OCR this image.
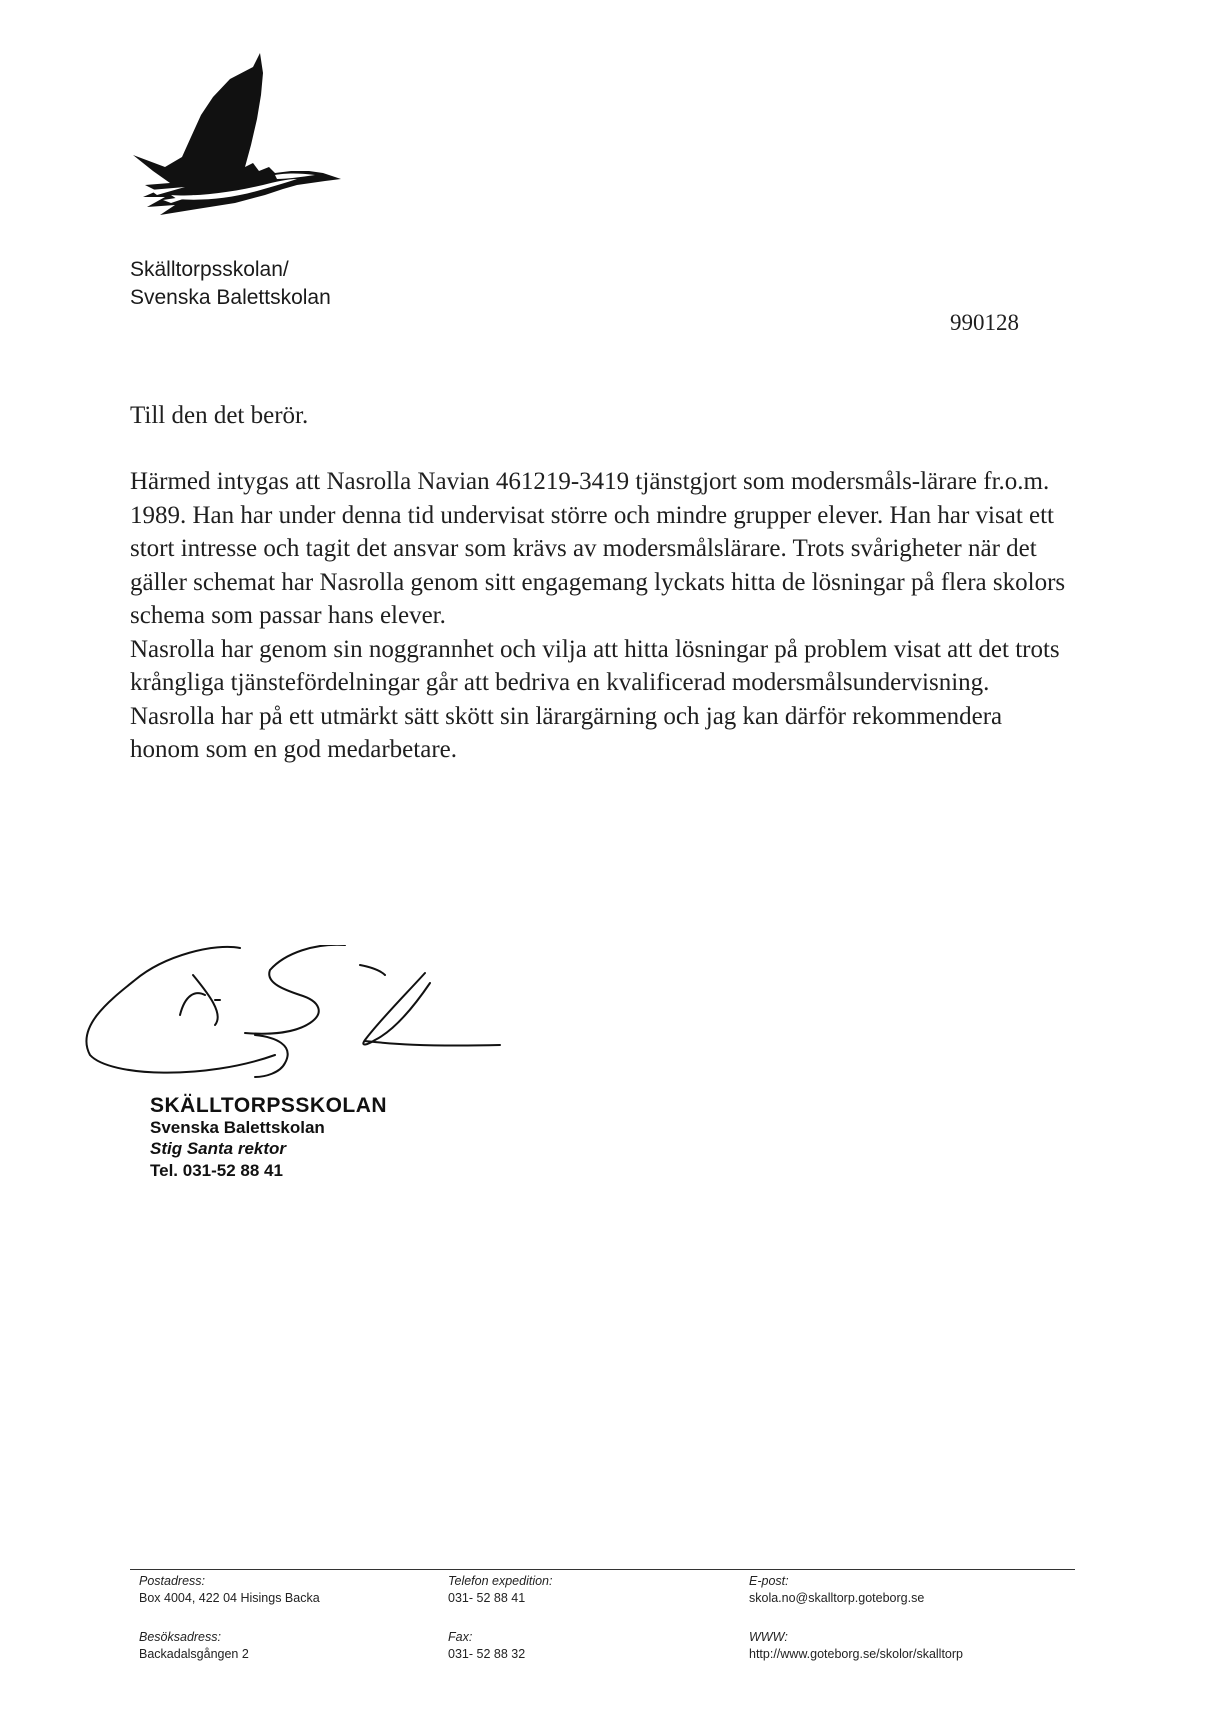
Skälltorpsskolan/
Svenska Balettskolan
990128
Till den det berör.

Härmed intygas att Nasrolla Navian 461219-3419 tjänstgjort som modersmåls-lärare fr.o.m. 1989. Han har under denna tid undervisat större och mindre grupper elever. Han har visat ett stort intresse och tagit det ansvar som krävs av modersmålslärare. Trots svårigheter när det gäller schemat har Nasrolla genom sitt engagemang lyckats hitta de lösningar på flera skolors schema som passar hans elever.

Nasrolla har genom sin noggrannhet och vilja att hitta lösningar på problem visat att det trots krångliga tjänstefördelningar går att bedriva en kvalificerad modersmålsundervisning.

Nasrolla har på ett utmärkt sätt skött sin lärargärning och jag kan därför rekommendera honom som en god medarbetare.

SKÄLLTORPSSKOLAN
Svenska Balettskolan
Stig Santa rektor
Tel. 031-52 88 41
Postadress:
Box 4004, 422 04 Hisings Backa
Besöksadress:
Backadalsgången 2
Telefon expedition:
031- 52 88 41
Fax:
031- 52 88 32
E-post:
skola.no@skalltorp.goteborg.se
WWW:
http://www.goteborg.se/skolor/skalltorp
